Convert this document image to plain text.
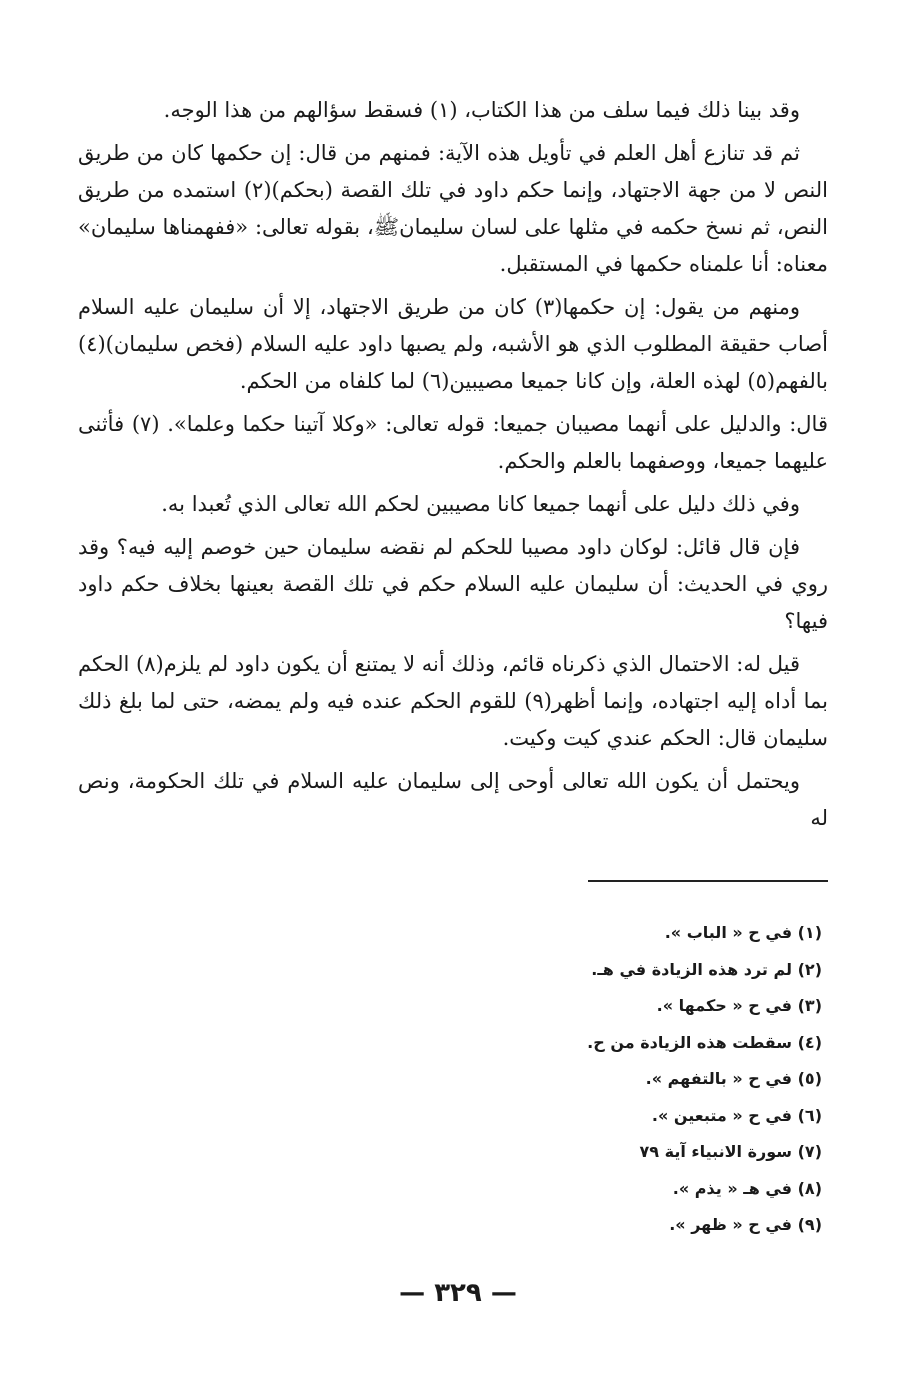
وقد بينا ذلك فيما سلف من هذا الكتاب، (١) فسقط سؤالهم من هذا الوجه.

ثم قد تنازع أهل العلم في تأويل هذه الآية: فمنهم من قال: إن حكمها كان من طريق النص لا من جهة الاجتهاد، وإنما حكم داود في تلك القصة (بحكم)(٢) استمده من طريق النص، ثم نسخ حكمه في مثلها على لسان سليمانﷺ، بقوله تعالى: «ففهمناها سليمان» معناه: أنا علمناه حكمها في المستقبل.

ومنهم من يقول: إن حكمها(٣) كان من طريق الاجتهاد، إلا أن سليمان عليه السلام أصاب حقيقة المطلوب الذي هو الأشبه، ولم يصبها داود عليه السلام (فخص سليمان)(٤) بالفهم(٥) لهذه العلة، وإن كانا جميعا مصيبين(٦) لما كلفاه من الحكم.

قال: والدليل على أنهما مصيبان جميعا: قوله تعالى: «وكلا آتينا حكما وعلما». (٧) فأثنى عليهما جميعا، ووصفهما بالعلم والحكم.

وفي ذلك دليل على أنهما جميعا كانا مصيبين لحكم الله تعالى الذي تُعبدا به.

فإن قال قائل: لوكان داود مصيبا للحكم لم نقضه سليمان حين خوصم إليه فيه؟ وقد روي في الحديث: أن سليمان عليه السلام حكم في تلك القصة بعينها بخلاف حكم داود فيها؟

قيل له: الاحتمال الذي ذكرناه قائم، وذلك أنه لا يمتنع أن يكون داود لم يلزم(٨) الحكم بما أداه إليه اجتهاده، وإنما أظهر(٩) للقوم الحكم عنده فيه ولم يمضه، حتى لما بلغ ذلك سليمان قال: الحكم عندي كيت وكيت.

ويحتمل أن يكون الله تعالى أوحى إلى سليمان عليه السلام في تلك الحكومة، ونص له

(١) في ح « الباب ».
(٢) لم ترد هذه الزيادة في هـ.
(٣) في ح « حكمها ».
(٤) سقطت هذه الزيادة من ح.
(٥) في ح « بالتفهم ».
(٦) في ح « متبعين ».
(٧) سورة الانبياء آية ٧٩
(٨) في هـ « يذم ».
(٩) في ح « ظهر ».
— ٣٢٩ —
